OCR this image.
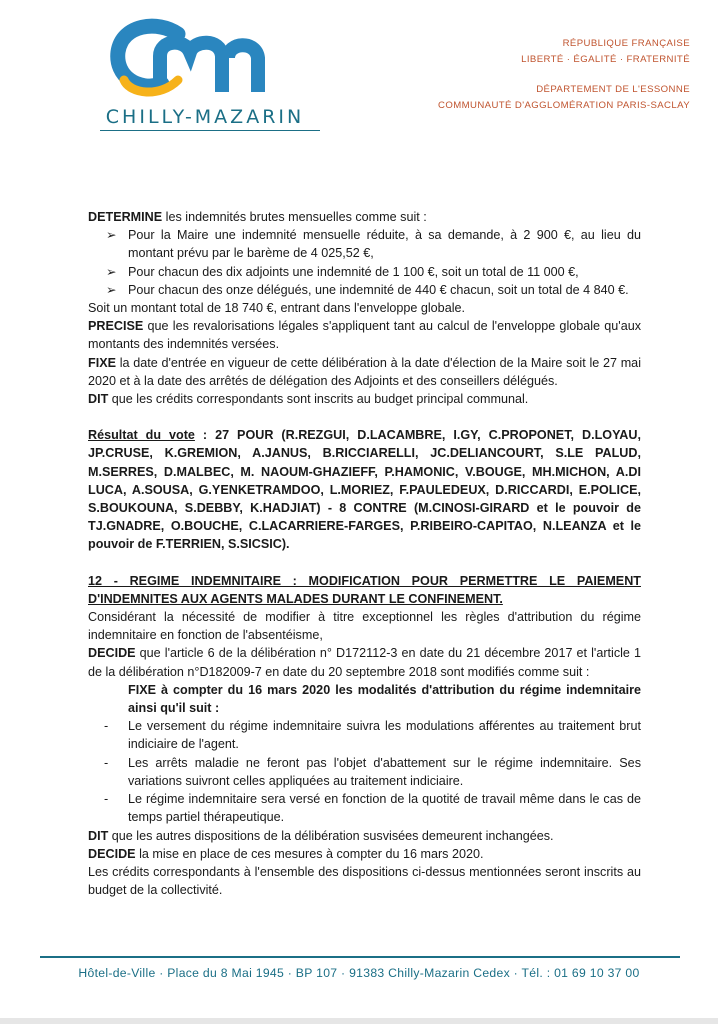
CHILLY-MAZARIN
RÉPUBLIQUE FRANÇAISE
LIBERTÉ · ÉGALITÉ · FRATERNITÉ
DÉPARTEMENT DE L'ESSONNE
COMMUNAUTÉ D'AGGLOMÉRATION PARIS-SACLAY

DETERMINE les indemnités brutes mensuelles comme suit :

➢ Pour la Maire une indemnité mensuelle réduite, à sa demande, à 2 900 €, au lieu du montant prévu par le barème de 4 025,52 €,
➢ Pour chacun des dix adjoints une indemnité de 1 100 €, soit un total de 11 000 €,
➢ Pour chacun des onze délégués, une indemnité de 440 € chacun, soit un total de 4 840 €.

Soit un montant total de 18 740 €, entrant dans l'enveloppe globale.

PRECISE que les revalorisations légales s'appliquent tant au calcul de l'enveloppe globale qu'aux montants des indemnités versées.

FIXE la date d'entrée en vigueur de cette délibération à la date d'élection de la Maire soit le 27 mai 2020 et à la date des arrêtés de délégation des Adjoints et des conseillers délégués.

DIT que les crédits correspondants sont inscrits au budget principal communal.

Résultat du vote : 27 POUR (R.REZGUI, D.LACAMBRE, I.GY, C.PROPONET, D.LOYAU, JP.CRUSE, K.GREMION, A.JANUS, B.RICCIARELLI, JC.DELIANCOURT, S.LE PALUD, M.SERRES, D.MALBEC, M. NAOUM-GHAZIEFF, P.HAMONIC, V.BOUGE, MH.MICHON, A.DI LUCA, A.SOUSA, G.YENKETRAMDOO, L.MORIEZ, F.PAULEDEUX, D.RICCARDI, E.POLICE, S.BOUKOUNA, S.DEBBY, K.HADJIAT) - 8 CONTRE (M.CINOSI-GIRARD et le pouvoir de TJ.GNADRE, O.BOUCHE, C.LACARRIERE-FARGES, P.RIBEIRO-CAPITAO, N.LEANZA et le pouvoir de F.TERRIEN, S.SICSIC).

12 - REGIME INDEMNITAIRE : MODIFICATION POUR PERMETTRE LE PAIEMENT D'INDEMNITES AUX AGENTS MALADES DURANT LE CONFINEMENT.

Considérant la nécessité de modifier à titre exceptionnel les règles d'attribution du régime indemnitaire en fonction de l'absentéisme,

DECIDE que l'article 6 de la délibération n° D172112-3 en date du 21 décembre 2017 et l'article 1 de la délibération n°D182009-7 en date du 20 septembre 2018 sont modifiés comme suit :

FIXE à compter du 16 mars 2020 les modalités d'attribution du régime indemnitaire ainsi qu'il suit :

- Le versement du régime indemnitaire suivra les modulations afférentes au traitement brut indiciaire de l'agent.
- Les arrêts maladie ne feront pas l'objet d'abattement sur le régime indemnitaire. Ses variations suivront celles appliquées au traitement indiciaire.
- Le régime indemnitaire sera versé en fonction de la quotité de travail même dans le cas de temps partiel thérapeutique.

DIT que les autres dispositions de la délibération susvisées demeurent inchangées.

DECIDE la mise en place de ces mesures à compter du 16 mars 2020.

Les crédits correspondants à l'ensemble des dispositions ci-dessus mentionnées seront inscrits au budget de la collectivité.

Hôtel-de-Ville · Place du 8 Mai 1945 · BP 107 · 91383 Chilly-Mazarin Cedex · Tél. : 01 69 10 37 00
